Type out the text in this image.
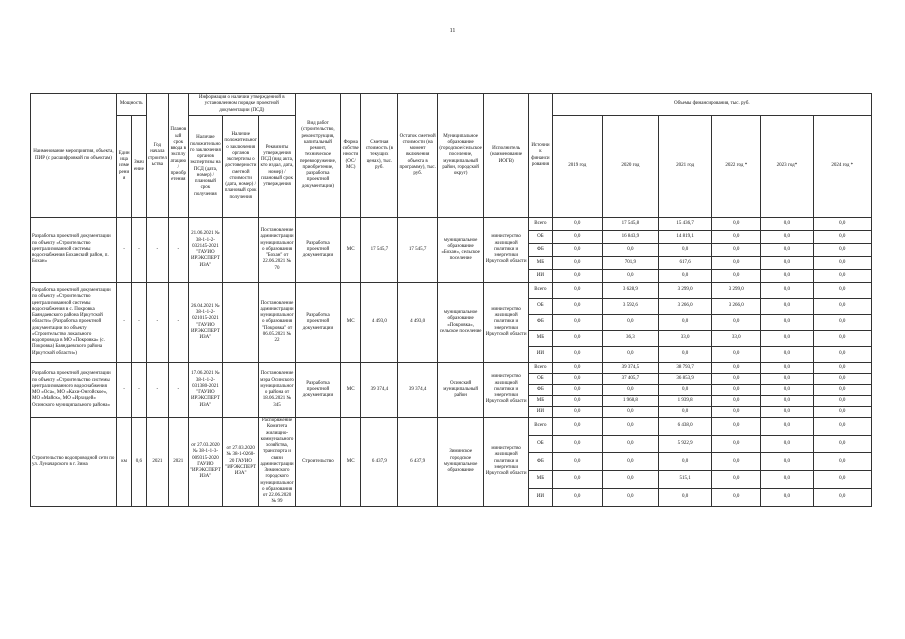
11
Наименование мероприятия, объекта, ПИР (с расшифровкой по объектам)	Мощность		Год начала строительства	Плановый срок ввода в эксплуатацию/приобретения	Информация о наличии утвержденной в установленном порядке проектной документации (ПСД)			Вид работ (строительство, реконструкция, капитальный ремонт, техническое перевооружение, приобретение, разработка проектной документации)	Форма собственности (ОС/МС)	Сметная стоимость (в текущих ценах), тыс. руб.	Остаток сметной стоимости (на момент включения объекта в программу), тыс. руб.	Муниципальное образование (городское/сельское поселение, муниципальный район, городской округ)	Исполнитель (наименование ИОГВ)	Источник финансирования	Объемы финансирования, тыс. руб.					
	Единица измерения	Значение			Наличие положительного заключения органов экспертизы на ПСД (дата, номер) / плановый срок получения	Наличие положительного заключения органов экспертизы о достоверности сметной стоимости (дата, номер) / плановый срок получения	Реквизиты утверждения ПСД (вид акта, кто издал, дата, номер) / плановый срок утверждения								2019 год	2020 год	2021 год	2022 год *	2023 год*	2024 год *

Разработка проектной документации по объекту «Строительство централизованной системы водоснабжения Боханский район, п. Бохан»	-	-	-	-	21.06.2021 № 38-1-1-2-032145-2021 "ГАУИО ИРЭКСПЕРТИЗА"		Постановление администрации муниципального образования "Бохан" от 22.06.2021 № 70	Разработка проектной документации	МС	17 545,7	17 545,7	муниципальное образование «Бохан», сельское поселение	министерство жилищной политики и энергетики Иркутской области	Всего	0,0	17 545,8	15 436,7	0,0	0,0	0,0
														ОБ	0,0	16 843,9	14 819,1	0,0	0,0	0,0
														ФБ	0,0	0,0	0,0	0,0	0,0	0,0
														МБ	0,0	701,9	617,6	0,0	0,0	0,0
														ИИ	0,0	0,0	0,0	0,0	0,0	0,0
Разработка проектной документации по объекту «Строительство централизованной системы водоснабжения в с. Покровка Баяндаевского района Иркутской области» (Разработка проектной документации по объекту «Строительство локального водопровода в МО «Покровка» (с. Покровка) Баяндаевского района Иркутской области»)	-	-	-	-	26.04.2021 № 38-1-1-2-021015-2021 "ГАУИО ИРЭКСПЕРТИЗА"		Постановление администрации муниципального образования "Покровка" от 06.05.2021 № 22	Разработка проектной документации	МС	4 493,0	4 493,0	муниципальное образование «Покровка», сельское поселение	министерство жилищной политики и энергетики Иркутской области	Всего	0,0	3 628,9	3 299,0	3 299,0	0,0	0,0
														ОБ	0,0	3 592,6	3 266,0	3 266,0	0,0	0,0
														ФБ	0,0	0,0	0,0	0,0	0,0	0,0
														МБ	0,0	36,3	33,0	33,0	0,0	0,0
														ИИ	0,0	0,0	0,0	0,0	0,0	0,0
Разработка проектной документации по объекту «Строительство системы централизованного водоснабжения МО «Оса», МО «Кахи-Онгойское», МО «Майск», МО «Ирхидей» Осинского муниципального района»	-	-	-	-	17.06.2021 № 38-1-1-2-031380-2021 "ГАУИО ИРЭКСПЕРТИЗА"		Постановление мэра Осинского муниципального района от 18.06.2021 № 345	Разработка проектной документации	МС	39 374,4	39 374,4	Осинский муниципальный район	министерство жилищной политики и энергетики Иркутской области	Всего	0,0	39 374,5	38 793,7	0,0	0,0	0,0
														ОБ	0,0	37 405,7	36 853,9	0,0	0,0	0,0
														ФБ	0,0	0,0	0,0	0,0	0,0	0,0
														МБ	0,0	1 968,8	1 939,8	0,0	0,0	0,0
														ИИ	0,0	0,0	0,0	0,0	0,0	0,0
Строительство водопроводной сети по ул. Луначарского в г. Зима	км	0,6	2021	2021	от 27.03.2020 № 38-1-1-3-009315-2020 ГАУИО "ИРЭКСПЕРТИЗА"	от 27.03.2020 № 38-1-0260-20 ГАУИО "ИРЭКСПЕРТИЗА"	Распоряжение Комитета жилищно-коммунального хозяйства, транспорта и связи администрации Зиминского городского муниципального образования от 22.06.2020 № 99	Строительство	МС	6 437,9	6 437,9	Зиминское городское муниципальное образование	министерство жилищной политики и энергетики Иркутской области	Всего	0,0	0,0	6 438,0	0,0	0,0	0,0
														ОБ	0,0	0,0	5 922,9	0,0	0,0	0,0
														ФБ	0,0	0,0	0,0	0,0	0,0	0,0
														МБ	0,0	0,0	515,1	0,0	0,0	0,0
														ИИ	0,0	0,0	0,0	0,0	0,0	0,0
